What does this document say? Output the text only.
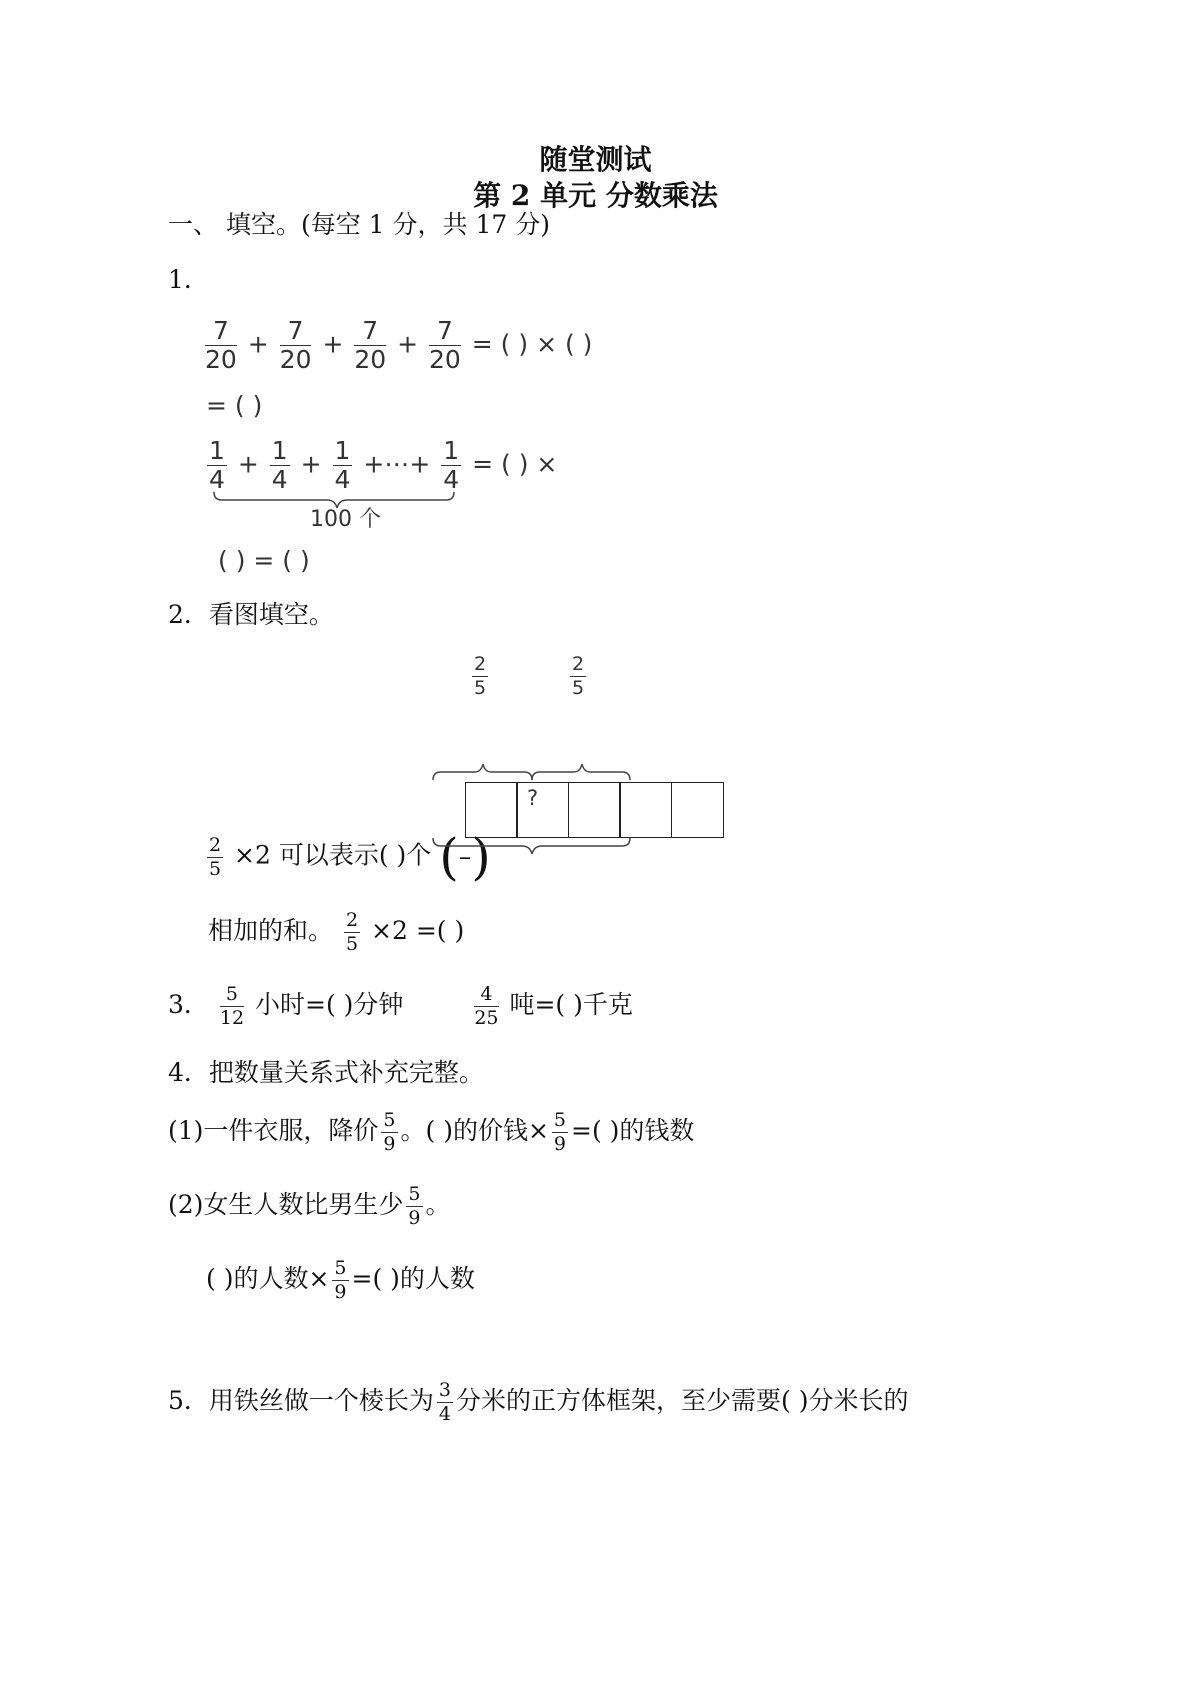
随堂测试
第 2 单元 分数乘法
一、 填空。(每空 1 分，共 17 分)
1．
$\frac{7}{20} + \frac{7}{20} + \frac{7}{20} + \frac{7}{20}$ = ( ) × ( )
= ( )
$\frac{1}{4} + \frac{1}{4} + \frac{1}{4}$ +⋯+ $\frac{1}{4}$ = ( ) ×
100 个
( ) = ( )
2．看图填空。
$\frac{2}{5}$	$\frac{2}{5}$
?
$\frac{2}{5} \times 2$ 可以表示( )个 (–)
相加的和。 $\frac{2}{5} \times 2$ =( )
3． $\frac{5}{12}$ 小时=( )分钟	$\frac{4}{25}$ 吨=( )千克
4．把数量关系式补充完整。
(1)一件衣服，降价 $\frac{5}{9}$ 。( )的价钱× $\frac{5}{9}$ =( )的钱数
(2)女生人数比男生少 $\frac{5}{9}$ 。
( )的人数× $\frac{5}{9}$ =( )的人数
5．用铁丝做一个棱长为 $\frac{3}{4}$ 分米的正方体框架，至少需要( )分米长的
